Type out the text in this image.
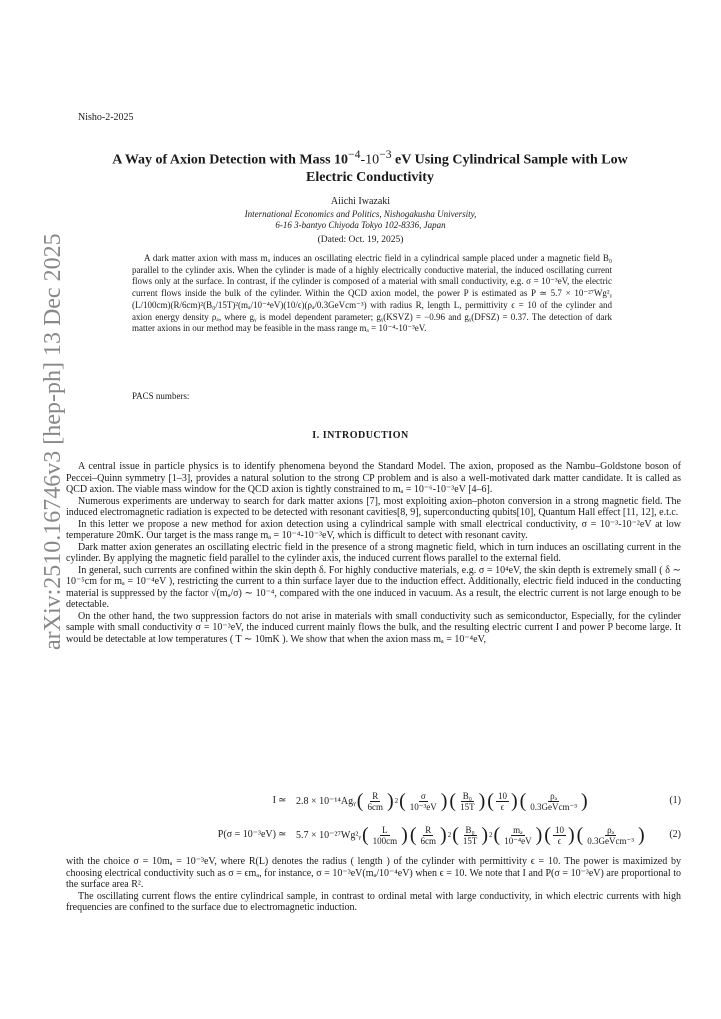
arXiv:2510.16746v3 [hep-ph] 13 Dec 2025
Nisho-2-2025
A Way of Axion Detection with Mass $10^{-4}-10^{-3}$ eV Using Cylindrical Sample with Low
Electric Conductivity
Aiichi Iwazaki
International Economics and Politics, Nishogakusha University,
6-16 3-bantyo Chiyoda Tokyo 102-8336, Japan
(Dated: Oct. 19, 2025)

A dark matter axion with mass mₐ induces an oscillating electric field in a cylindrical sample placed under a magnetic field B₀ parallel to the cylinder axis. When the cylinder is made of a highly electrically conductive material, the induced oscillating current flows only at the surface. In contrast, if the cylinder is composed of a material with small conductivity, e.g. σ = 10⁻³eV, the electric current flows inside the bulk of the cylinder. Within the QCD axion model, the power P is estimated as P ≃ 5.7 × 10⁻²⁷Wg²ᵧ (L/100cm)(R/6cm)²(B₀/15T)²(mₐ/10⁻⁴eV)(10/ϵ)(ρₐ/0.3GeVcm⁻³) with radius R, length L, permittivity ϵ = 10 of the cylinder and axion energy density ρₐ, where gᵧ is model dependent parameter; gᵧ(KSVZ) = −0.96 and gᵧ(DFSZ) = 0.37. The detection of dark matter axions in our method may be feasible in the mass range mₐ = 10⁻⁴-10⁻³eV.

PACS numbers:
I. INTRODUCTION

A central issue in particle physics is to identify phenomena beyond the Standard Model. The axion, proposed as the Nambu–Goldstone boson of Peccei–Quinn symmetry [1–3], provides a natural solution to the strong CP problem and is also a well-motivated dark matter candidate. It is called as QCD axion. The viable mass window for the QCD axion is tightly constrained to mₐ = 10⁻⁶-10⁻³eV [4–6].

Numerous experiments are underway to search for dark matter axions [7], most exploiting axion–photon conversion in a strong magnetic field. The induced electromagnetic radiation is expected to be detected with resonant cavities[8, 9], superconducting qubits[10], Quantum Hall effect [11, 12], e.t.c.

In this letter we propose a new method for axion detection using a cylindrical sample with small electrical conductivity, σ = 10⁻³-10⁻²eV at low temperature 20mK. Our target is the mass range mₐ = 10⁻⁴-10⁻³eV, which is difficult to detect with resonant cavity.

Dark matter axion generates an oscillating electric field in the presence of a strong magnetic field, which in turn induces an oscillating current in the cylinder. By applying the magnetic field parallel to the cylinder axis, the induced current flows parallel to the external field.

In general, such currents are confined within the skin depth δ. For highly conductive materials, e.g. σ = 10⁴eV, the skin depth is extremely small ( δ ∼ 10⁻⁵cm for mₐ = 10⁻⁴eV ), restricting the current to a thin surface layer due to the induction effect. Additionally, electric field induced in the conducting material is suppressed by the factor √(mₐ/σ) ∼ 10⁻⁴, compared with the one induced in vacuum. As a result, the electric current is not large enough to be detectable.

On the other hand, the two suppression factors do not arise in materials with small conductivity such as semiconductor, Especially, for the cylinder sample with small conductivity σ = 10⁻³eV, the induced current mainly flows the bulk, and the resulting electric current I and power P become large. It would be detectable at low temperatures ( T ∼ 10mK ). We show that when the axion mass mₐ = 10⁻⁴eV,

I ≃ 2.8 × 10⁻¹⁴Agᵧ ( $\frac{R}{6cm}$ ) 2 ( $\frac{\sigma}{\text{10⁻³eV}}$ ) ( $\frac{\text{B₀}}{15T}$ ) ( $\frac{10}{\epsilon}$ ) ( $\frac{\text{ρₐ}}{\text{0.3GeVcm⁻³}}$ )	(1)
P(σ = 10⁻³eV) ≃ 5.7 × 10⁻²⁷Wg²ᵧ ( $\frac{L}{100cm}$ ) ( $\frac{R}{6cm}$ ) 2 ( $\frac{\text{B₀}}{15T}$ ) 2 ( $\frac{\text{mₐ}}{\text{10⁻⁴eV}}$ ) ( $\frac{10}{\epsilon}$ ) ( $\frac{\text{ρₐ}}{\text{0.3GeVcm⁻³}}$ ) (2)

with the choice σ = 10mₐ = 10⁻³eV, where R(L) denotes the radius ( length ) of the cylinder with permittivity ϵ = 10. The power is maximized by choosing electrical conductivity such as σ = ϵmₐ, for instance, σ = 10⁻³eV(mₐ/10⁻⁴eV) when ϵ = 10. We note that I and P(σ = 10⁻³eV) are proportional to the surface area R².

The oscillating current flows the entire cylindrical sample, in contrast to ordinal metal with large conductivity, in which electric currents with high frequencies are confined to the surface due to electromagnetic induction.
